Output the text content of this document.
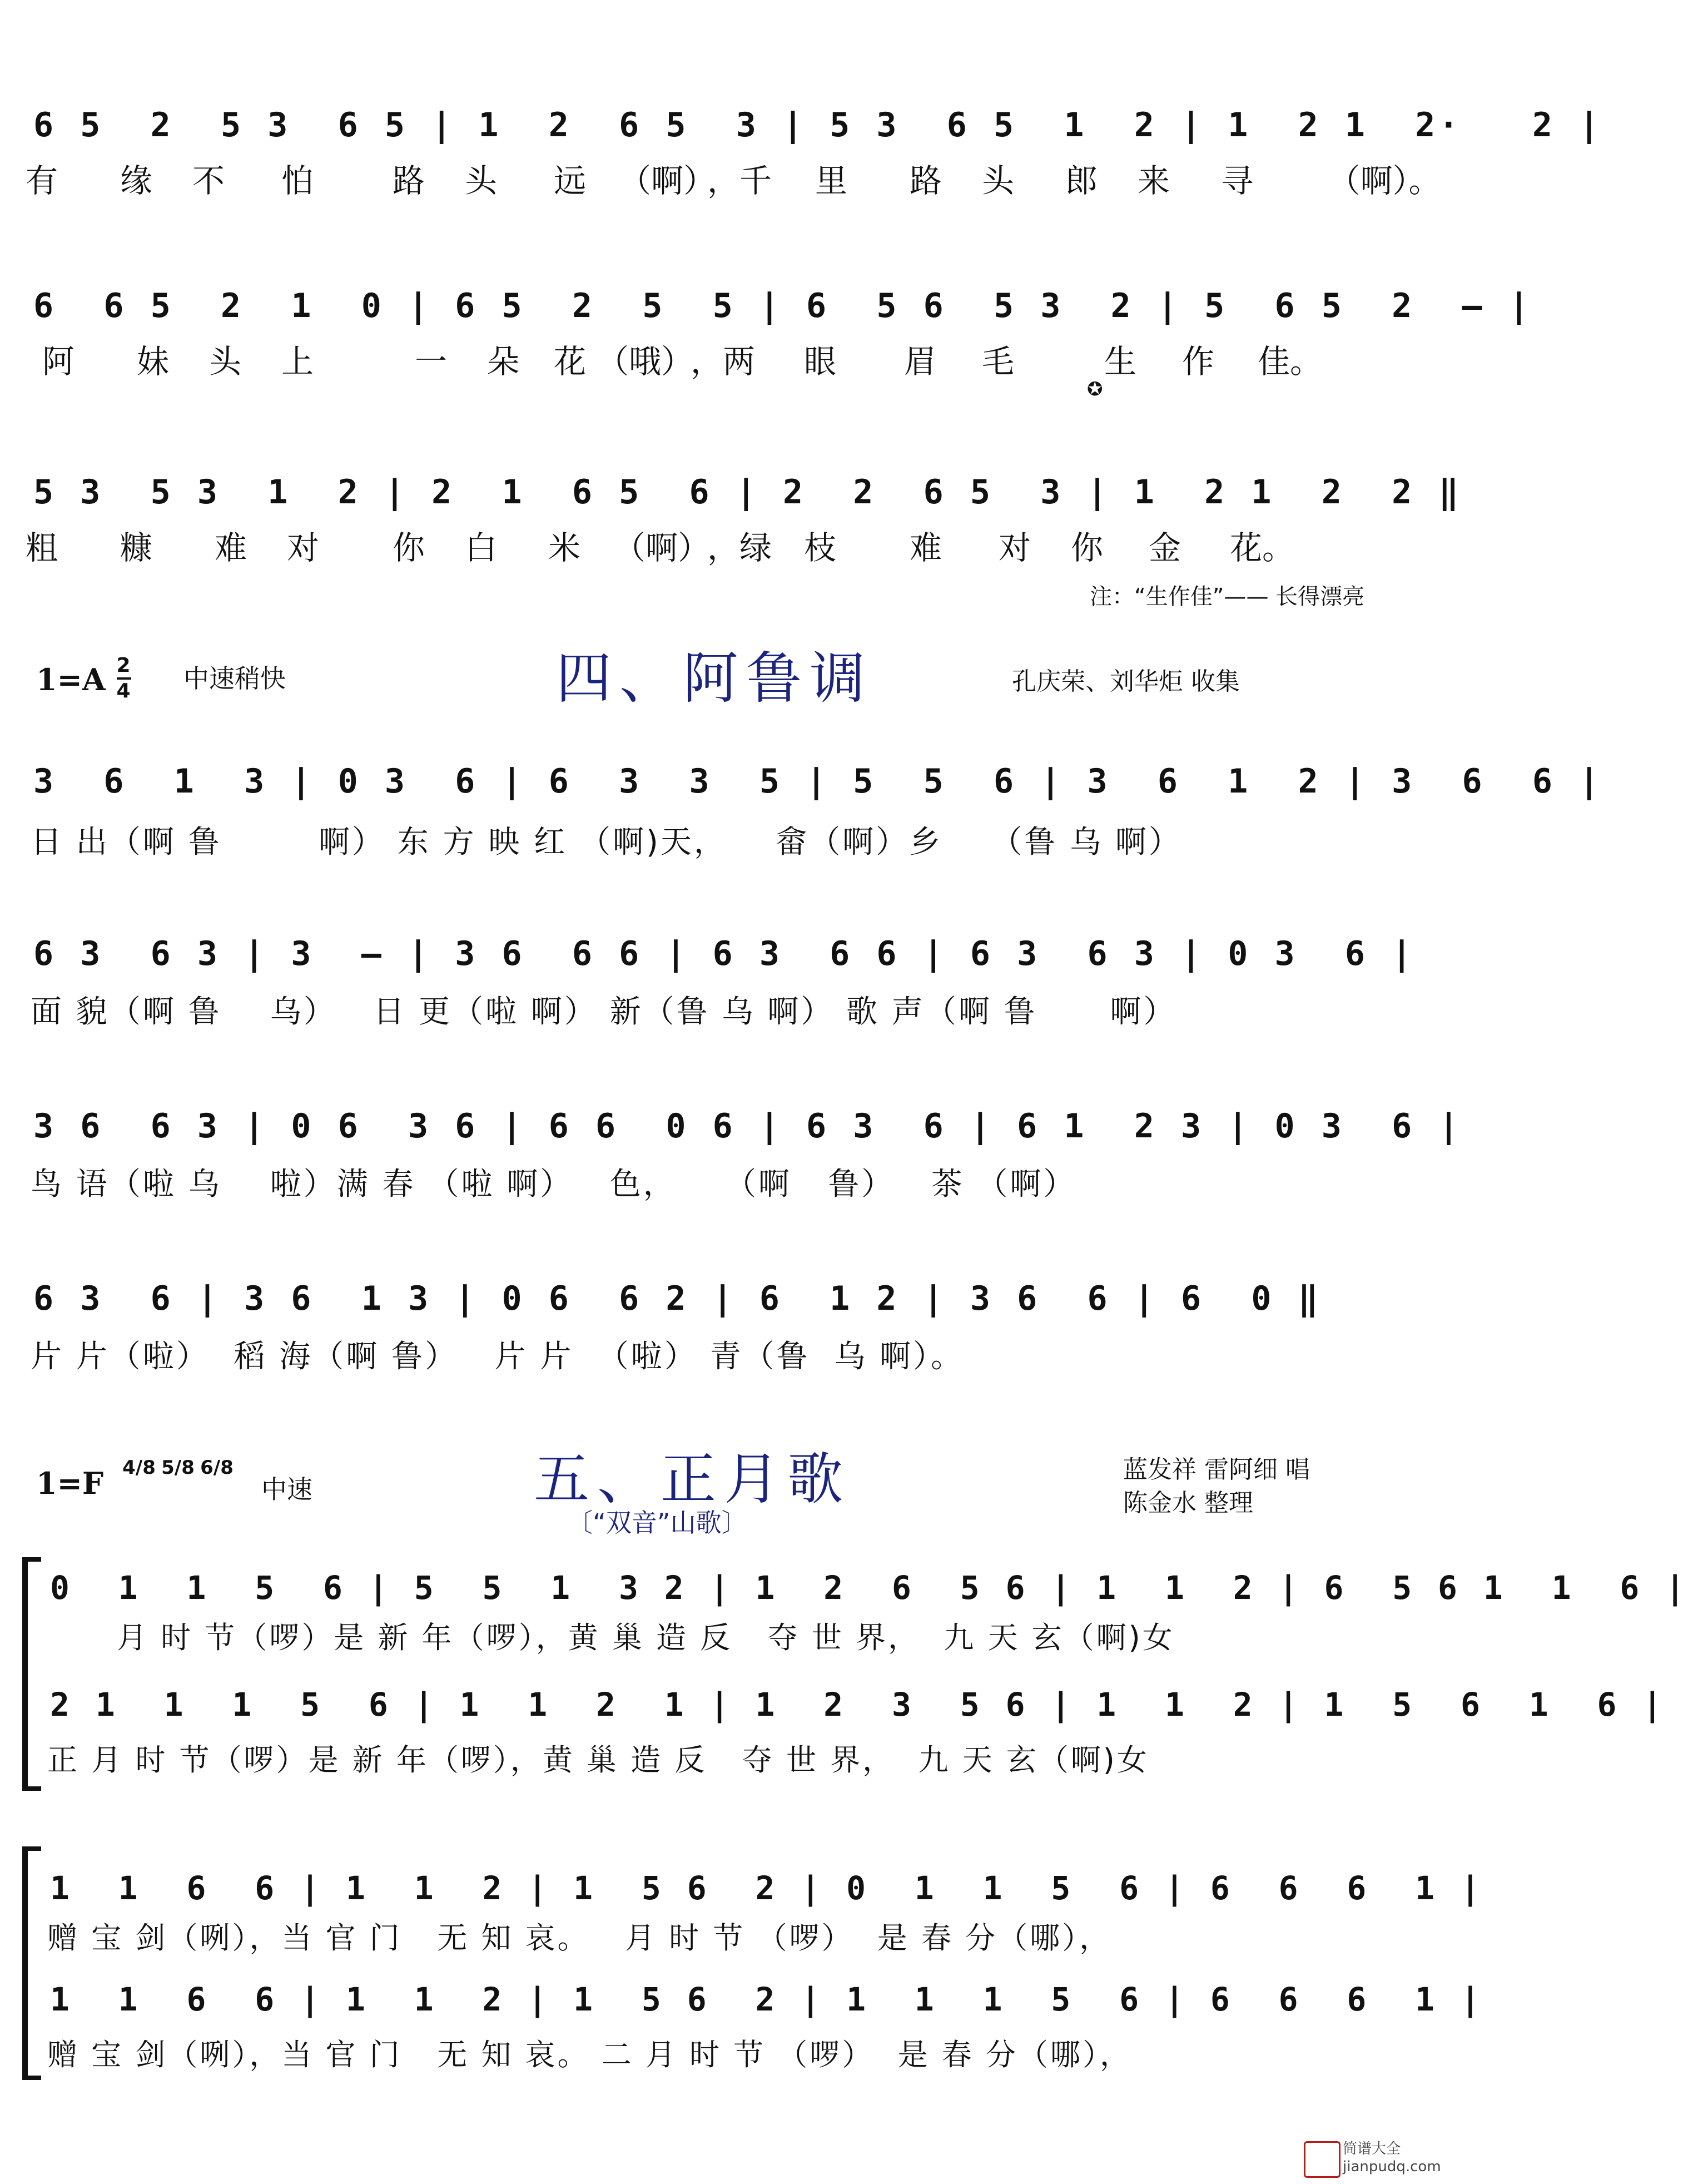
6 5  2  5 3  6 5 | 1  2  6 5  3 | 5 3  6 5  1  2 | 1  2 1  2·   2 |
有 缘 不 怕 路 头 远 （啊）
，千 里 路 头 郎 来 寻	（啊）。
6  6 5  2  1  0 | 6 5  2  5  5 | 6  5 6  5 3  2 | 5  6 5  2  – |
阿 妹 头 上	一 朵 花 （哦）
，两 眼 眉 毛	生 作 佳。
✪
5 3  5 3  1  2 | 2  1  6 5  6 | 2  2  6 5  3 | 1  2 1  2  2 ‖
粗 糠 难 对 你 白 米 （啊）
，绿 枝 难 对 你 金 花。
注：“生作佳”—— 长得漂亮
1=A 2
4 中速稍快	四、阿鲁调	孔庆荣、刘华炬 收集
3  6  1  3 | 0 3  6 | 6  3  3  5 | 5  5  6 | 3  6  1  2 | 3  6  6 |
日 出（啊 鲁        啊） 东 方 映 红 （啊)天，    畲（啊）乡    （鲁 乌 啊）
6 3  6 3 | 3  – | 3 6  6 6 | 6 3  6 6 | 6 3  6 3 | 0 3  6 |
面 貌（啊 鲁    乌）   日 更（啦 啊） 新（鲁 乌 啊） 歌 声（啊 鲁      啊）
3 6  6 3 | 0 6  3 6 | 6 6  0 6 | 6 3  6 | 6 1  2 3 | 0 3  6 |
鸟 语（啦 乌    啦）满 春 （啦 啊）   色，    （啊   鲁）   茶 （啊）
6 3  6 | 3 6  1 3 | 0 6  6 2 | 6  1 2 | 3 6  6 | 6  0 ‖
片 片（啦）  稻 海（啊 鲁）   片 片  （啦） 青（鲁  乌 啊）。
1=F 4/8 5/8 6/8
中速	五、正月歌
〔“双音”山歌〕
蓝发祥 雷阿细 唱
陈金水 整理
0  1  1  5  6 | 5  5  1  3 2 | 1  2  6  5 6 | 1  1  2 | 6  5 6 1  1  6 |
月 时 节（啰）是 新 年（啰），黄 巢 造 反   夺 世 界，  九 天 玄（啊)女
2 1  1  1  5  6 | 1  1  2  1 | 1  2  3  5 6 | 1  1  2 | 1  5  6  1  6 |
正 月 时 节（啰）是 新 年（啰），黄 巢 造 反   夺 世 界，  九 天 玄（啊)女
1  1  6  6 | 1  1  2 | 1  5 6  2 | 0  1  1  5  6 | 6  6  6  1 |
赠 宝 剑（咧），当 官 门   无 知 哀。   月 时 节 （啰）  是 春 分（哪），
1  1  6  6 | 1  1  2 | 1  5 6  2 | 1  1  1  5  6 | 6  6  6  1 |
赠 宝 剑（咧），当 官 门   无 知 哀。 二 月 时 节 （啰）  是 春 分（哪），
简谱大全 jianpudq.com
